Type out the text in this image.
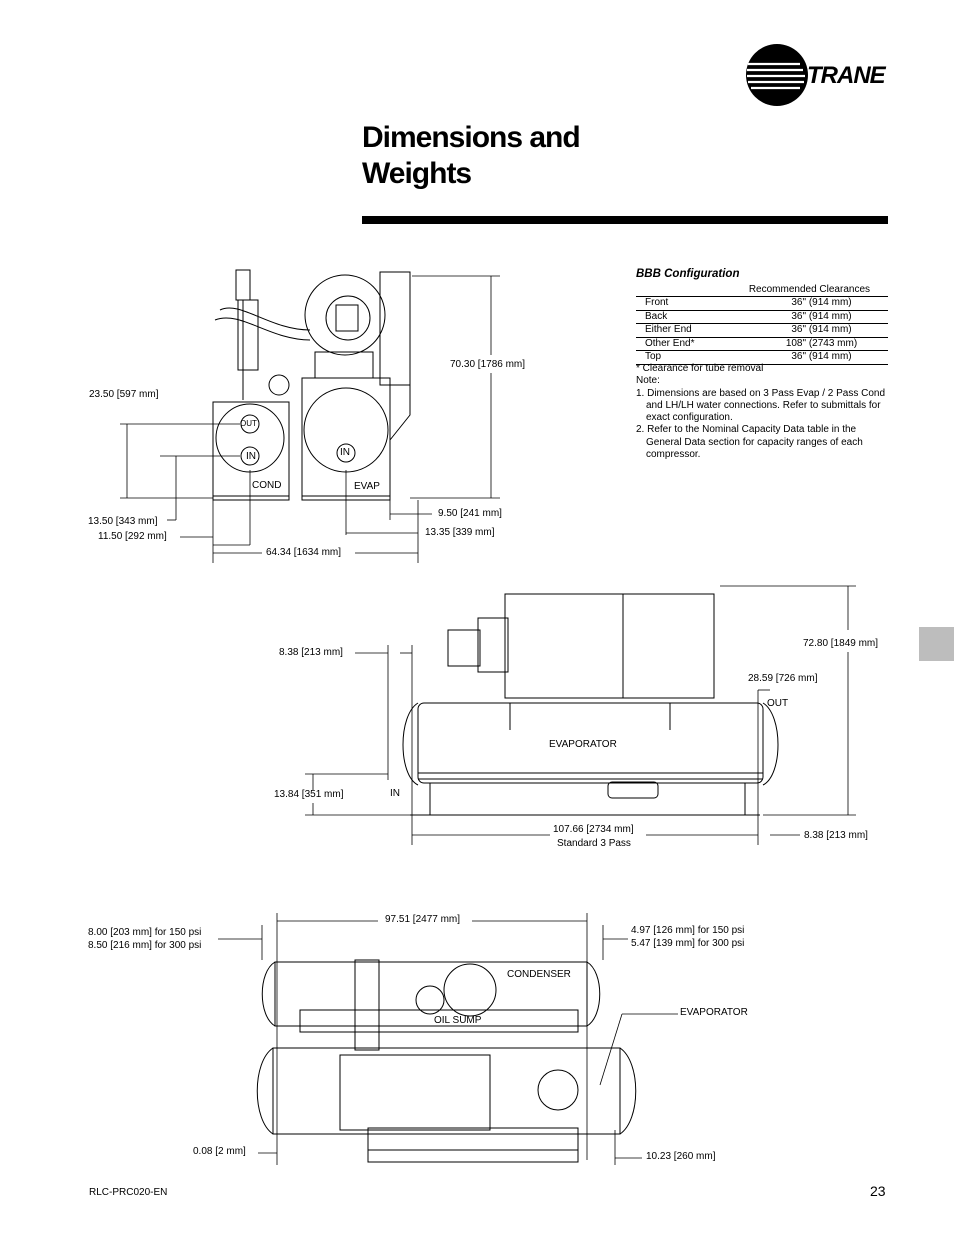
TRANE
Dimensions and
Weights
BBB Configuration
	Recommended Clearances
Front	36" (914 mm)
Back	36" (914 mm)
Either End	36" (914 mm)
Other End*	108" (2743 mm)
Top	36" (914 mm)
* Clearance for tube removal
Note:
1. Dimensions are based on 3 Pass Evap / 2 Pass Cond and LH/LH water connections. Refer to submittals for exact configuration.
2. Refer to the Nominal Capacity Data table in the General Data section for capacity ranges of each compressor.
70.30 [1786 mm]
23.50 [597 mm]
13.50 [343 mm]
11.50 [292 mm]
9.50 [241 mm]
13.35 [339 mm]
64.34 [1634 mm]
COND	EVAP
OUT
IN	IN
8.38 [213 mm]
72.80 [1849 mm]
28.59 [726 mm]
OUT
EVAPORATOR
13.84 [351 mm]	IN
107.66 [2734 mm]
Standard 3 Pass
8.38 [213 mm]
97.51 [2477 mm]
8.00 [203 mm] for 150 psi
8.50 [216 mm] for 300 psi
4.97 [126 mm] for 150 psi
5.47 [139 mm] for 300 psi
CONDENSER
OIL SUMP
EVAPORATOR
0.08 [2 mm]	10.23 [260 mm]
RLC-PRC020-EN	23
